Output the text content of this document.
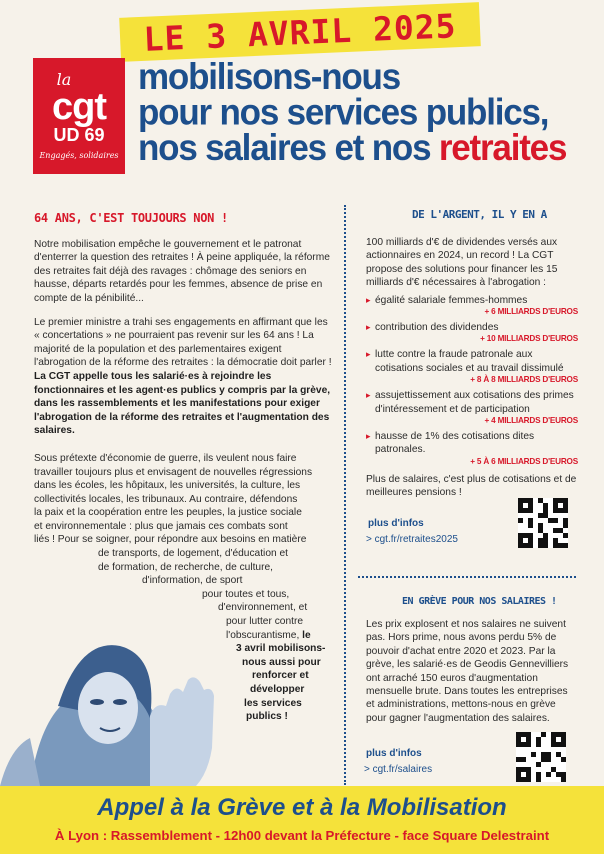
LE 3 AVRIL 2025
la
cgt
UD 69
Engagés, solidaires
mobilisons-nous
pour nos services publics,
nos salaires et nos retraites
64 ANS, C'EST TOUJOURS NON !

Notre mobilisation empêche le gouvernement et le patronat d'enterrer la question des retraites ! À peine appliquée, la réforme des retraites fait déjà des ravages : chômage des seniors en hausse, départs retardés pour les femmes, absence de prise en compte de la pénibilité...

Le premier ministre a trahi ses engagements en affirmant que les « concertations » ne pourraient pas revenir sur les 64 ans ! La majorité de la population et des parlementaires exigent l'abrogation de la réforme des retraites : la démocratie doit parler ! La CGT appelle tous les salarié·es à rejoindre les fonctionnaires et les agent·es publics y compris par la grève, dans les rassemblements et les manifestations pour exiger l'abrogation de la réforme des retraites et l'augmentation des salaires.

Sous prétexte d'économie de guerre, ils veulent nous faire
travailler toujours plus et envisagent de nouvelles régressions
dans les écoles, les hôpitaux, les universités, la culture, les
collectivités locales, les tribunaux. Au contraire, défendons
la paix et la coopération entre les peuples, la justice sociale
et environnementale : plus que jamais ces combats sont
liés ! Pour se soigner, pour répondre aux besoins en matière
de transports, de logement, d'éducation et
de formation, de recherche, de culture,
d'information, de sport
pour toutes et tous,
d'environnement, et
pour lutter contre
l'obscurantisme, le
3 avril mobilisons-
nous aussi pour
renforcer et
développer
les services
publics !
DE L'ARGENT, IL Y EN A
100 milliards d'€ de dividendes versés aux actionnaires en 2024, un record ! La CGT propose des solutions pour financer les 15 milliards d'€ nécessaires à l'abrogation :
▸ égalité salariale femmes-hommes
+ 6 MILLIARDS D'EUROS
▸ contribution des dividendes
+ 10 MILLIARDS D'EUROS
▸ lutte contre la fraude patronale aux cotisations sociales et au travail dissimulé
+ 8 À 8 MILLIARDS D'EUROS
▸ assujettissement aux cotisations des primes d'intéressement et de participation
+ 4 MILLIARDS D'EUROS
▸ hausse de 1% des cotisations dites patronales.
+ 5 À 6 MILLIARDS D'EUROS
Plus de salaires, c'est plus de cotisations et de meilleures pensions !
plus d'infos
> cgt.fr/retraites2025
EN GRÈVE POUR NOS SALAIRES !
Les prix explosent et nos salaires ne suivent pas. Hors prime, nous avons perdu 5% de pouvoir d'achat entre 2020 et 2023. Par la grève, les salarié·es de Geodis Gennevilliers ont arraché 150 euros d'augmentation mensuelle brute. Dans toutes les entreprises et administrations, mettons-nous en grève pour gagner l'augmentation des salaires.
plus d'infos
> cgt.fr/salaires
Appel à la Grève et à la Mobilisation
À Lyon : Rassemblement - 12h00 devant la Préfecture - face Square Delestraint
